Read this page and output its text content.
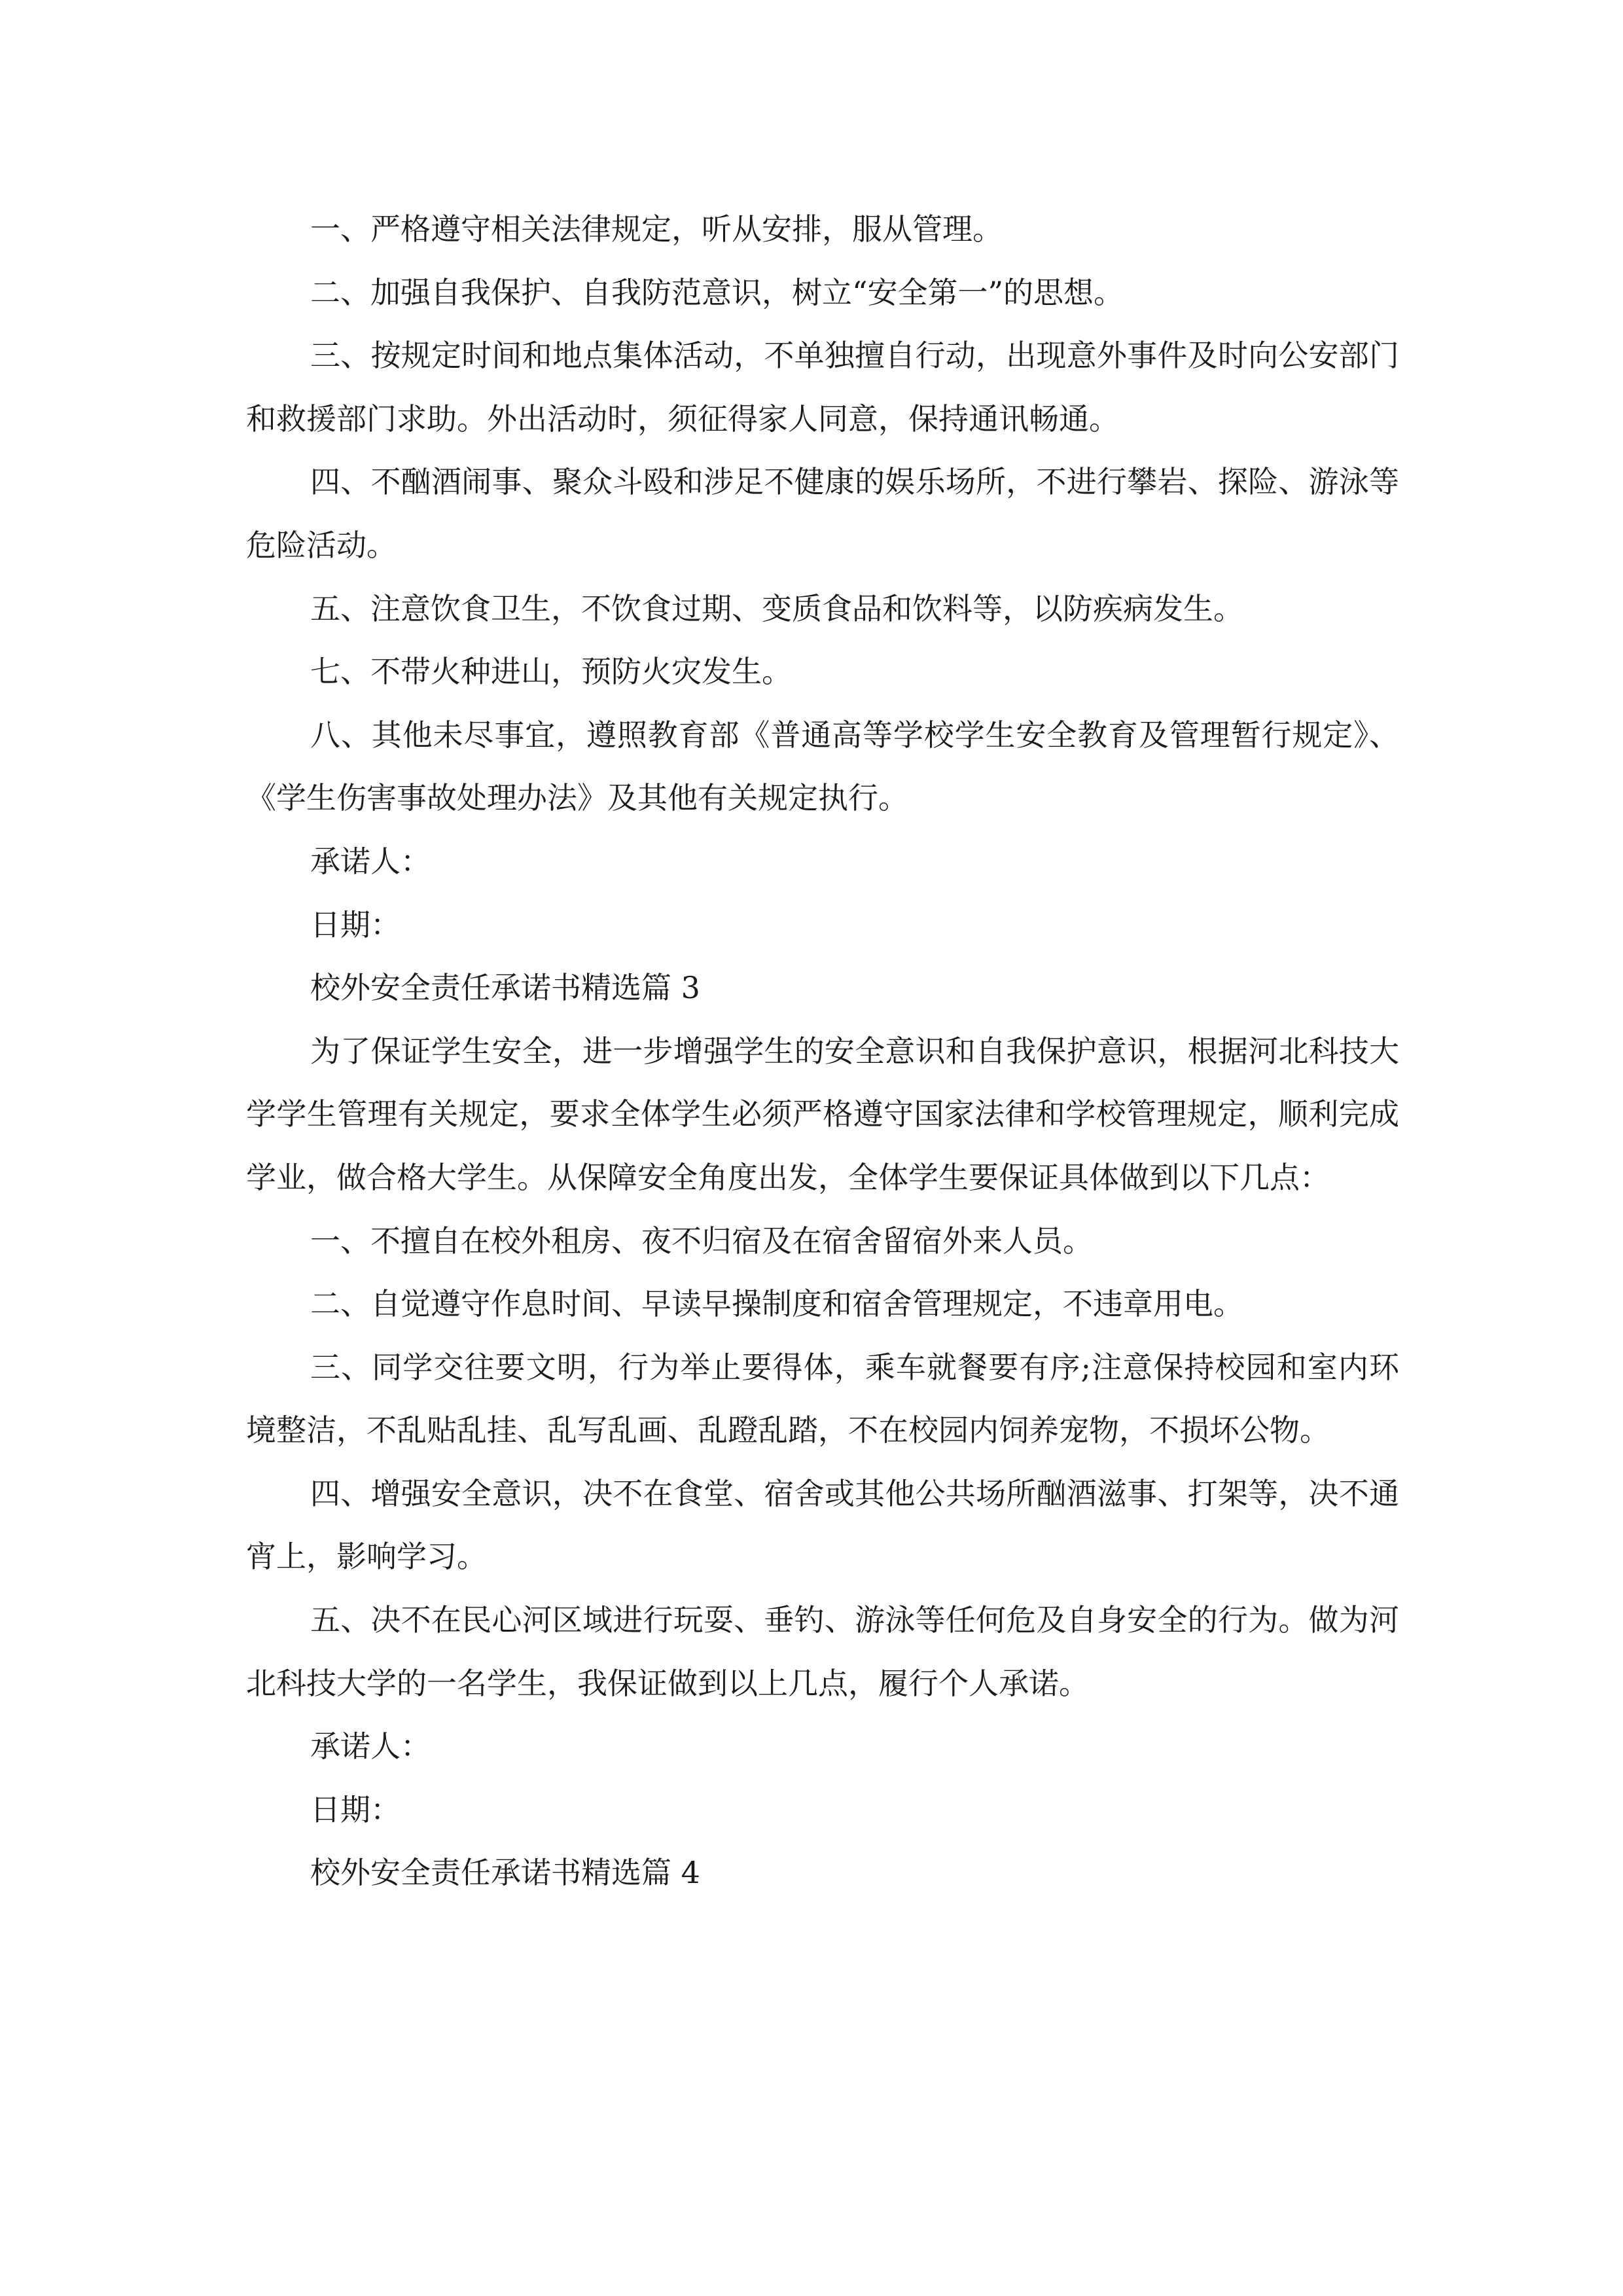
一、严格遵守相关法律规定，听从安排，服从管理。

二、加强自我保护、自我防范意识，树立“安全第一”的思想。

三、按规定时间和地点集体活动，不单独擅自行动，出现意外事件及时向公安部门和救援部门求助。外出活动时，须征得家人同意，保持通讯畅通。

四、不酗酒闹事、聚众斗殴和涉足不健康的娱乐场所，不进行攀岩、探险、游泳等危险活动。

五、注意饮食卫生，不饮食过期、变质食品和饮料等，以防疾病发生。

七、不带火种进山，预防火灾发生。

八、其他未尽事宜，遵照教育部《普通高等学校学生安全教育及管理暂行规定》、《学生伤害事故处理办法》及其他有关规定执行。

承诺人：

日期：

校外安全责任承诺书精选篇 3

为了保证学生安全，进一步增强学生的安全意识和自我保护意识，根据河北科技大学学生管理有关规定，要求全体学生必须严格遵守国家法律和学校管理规定，顺利完成学业，做合格大学生。从保障安全角度出发，全体学生要保证具体做到以下几点：

一、不擅自在校外租房、夜不归宿及在宿舍留宿外来人员。

二、自觉遵守作息时间、早读早操制度和宿舍管理规定，不违章用电。

三、同学交往要文明，行为举止要得体，乘车就餐要有序;注意保持校园和室内环境整洁，不乱贴乱挂、乱写乱画、乱蹬乱踏，不在校园内饲养宠物，不损坏公物。

四、增强安全意识，决不在食堂、宿舍或其他公共场所酗酒滋事、打架等，决不通宵上，影响学习。

五、决不在民心河区域进行玩耍、垂钓、游泳等任何危及自身安全的行为。做为河北科技大学的一名学生，我保证做到以上几点，履行个人承诺。

承诺人：

日期：

校外安全责任承诺书精选篇 4
